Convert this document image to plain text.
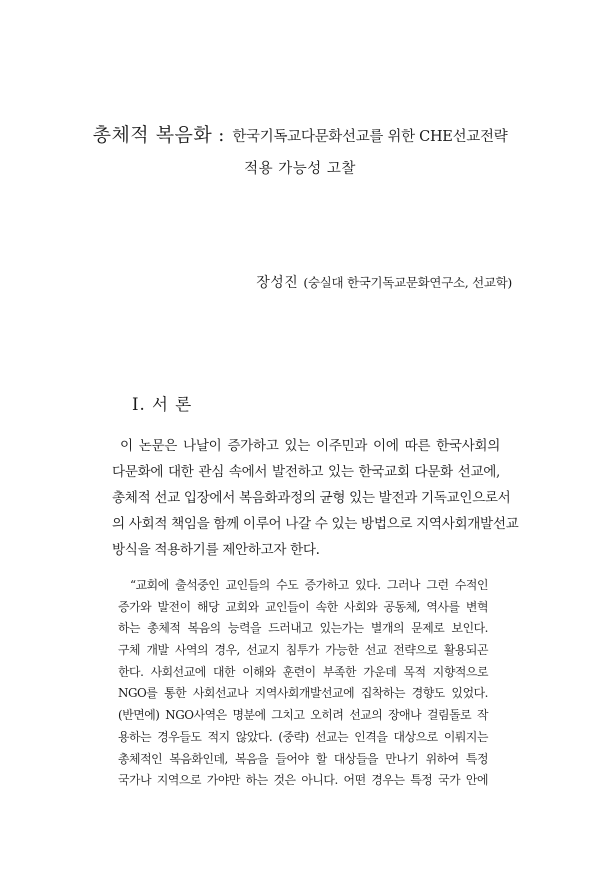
총체적 복음화 : 한국기독교다문화선교를 위한 CHE선교전략
적용 가능성 고찰
장성진 (숭실대 한국기독교문화연구소, 선교학)
I. 서 론
이 논문은 나날이 증가하고 있는 이주민과 이에 따른 한국사회의
다문화에 대한 관심 속에서 발전하고 있는 한국교회 다문화 선교에,
총체적 선교 입장에서 복음화과정의 균형 있는 발전과 기독교인으로서
의 사회적 책임을 함께 이루어 나갈 수 있는 방법으로 지역사회개발선교
방식을 적용하기를 제안하고자 한다.
“교회에 출석중인 교인들의 수도 증가하고 있다. 그러나 그런 수적인
증가와 발전이 해당 교회와 교인들이 속한 사회와 공동체, 역사를 변혁
하는 총체적 복음의 능력을 드러내고 있는가는 별개의 문제로 보인다.
구체 개발 사역의 경우, 선교지 침투가 가능한 선교 전략으로 활용되곤
한다. 사회선교에 대한 이해와 훈련이 부족한 가운데 목적 지향적으로
NGO를 통한 사회선교나 지역사회개발선교에 집착하는 경향도 있었다.
(반면에) NGO사역은 명분에 그치고 오히려 선교의 장애나 걸림돌로 작
용하는 경우들도 적지 않았다. (중략) 선교는 인격을 대상으로 이뤄지는
총체적인 복음화인데, 복음을 들어야 할 대상들을 만나기 위하여 특정
국가나 지역으로 가야만 하는 것은 아니다. 어떤 경우는 특정 국가 안에
